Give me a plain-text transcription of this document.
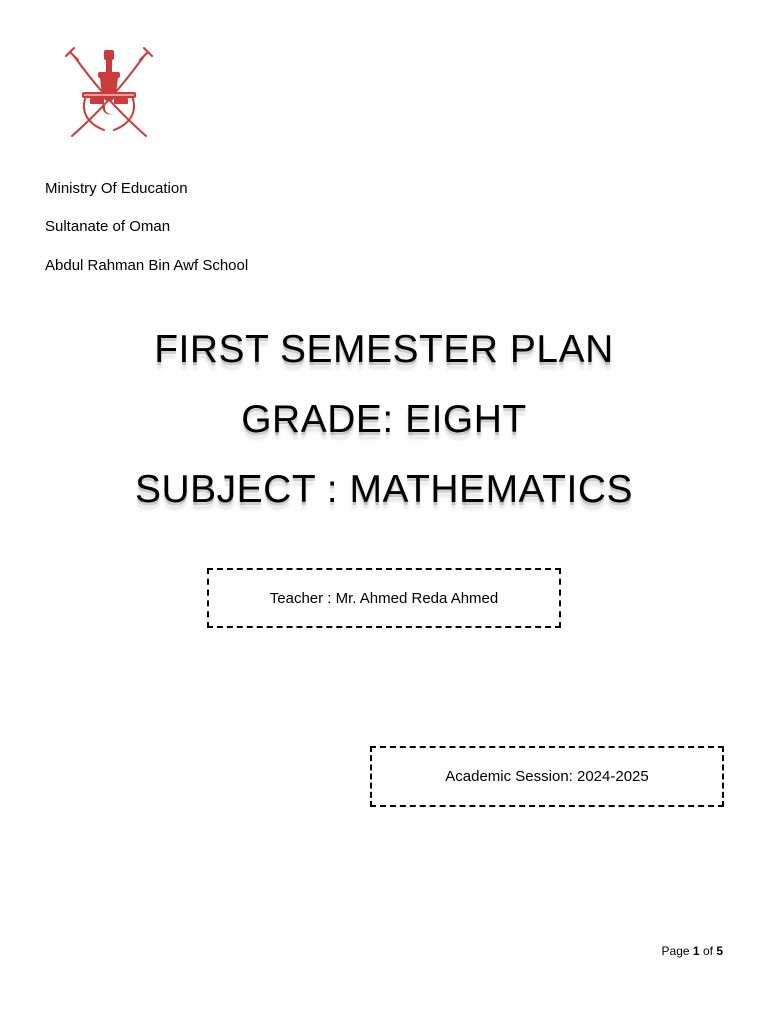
Ministry Of Education
Sultanate of Oman
Abdul Rahman Bin Awf School
FIRST SEMESTER PLAN
GRADE: EIGHT
SUBJECT : MATHEMATICS
Teacher : Mr. Ahmed Reda Ahmed
Academic Session: 2024-2025
Page 1 of 5
